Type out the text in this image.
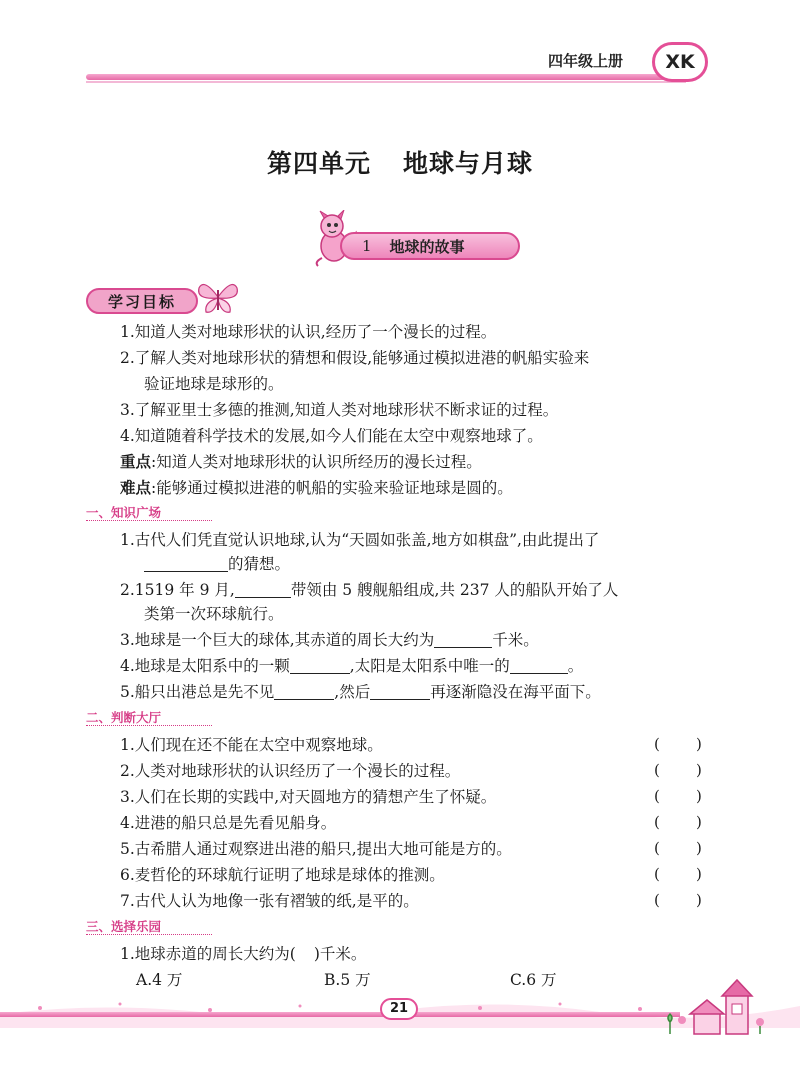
四年级上册	XK
第四单元 地球与月球
1 地球的故事
学习目标
1.知道人类对地球形状的认识,经历了一个漫长的过程。
2.了解人类对地球形状的猜想和假设,能够通过模拟进港的帆船实验来
验证地球是球形的。
3.了解亚里士多德的推测,知道人类对地球形状不断求证的过程。
4.知道随着科学技术的发展,如今人们能在太空中观察地球了。
重点:知道人类对地球形状的认识所经历的漫长过程。
难点:能够通过模拟进港的帆船的实验来验证地球是圆的。
一、知识广场
1.古代人们凭直觉认识地球,认为“天圆如张盖,地方如棋盘”,由此提出了
的猜想。
2.1519 年 9 月,	带领由 5 艘舰船组成,共 237 人的船队开始了人
类第一次环球航行。
3.地球是一个巨大的球体,其赤道的周长大约为	千米。
4.地球是太阳系中的一颗	,太阳是太阳系中唯一的	。
5.船只出港总是先不见	,然后	再逐渐隐没在海平面下。
二、判断大厅
1.人们现在还不能在太空中观察地球。	( )
2.人类对地球形状的认识经历了一个漫长的过程。	( )
3.人们在长期的实践中,对天圆地方的猜想产生了怀疑。	( )
4.进港的船只总是先看见船身。	( )
5.古希腊人通过观察进出港的船只,提出大地可能是方的。	( )
6.麦哲伦的环球航行证明了地球是球体的推测。	( )
7.古代人认为地像一张有褶皱的纸,是平的。	( )
三、选择乐园
1.地球赤道的周长大约为( )千米。
A.4 万	B.5 万	C.6 万
21
